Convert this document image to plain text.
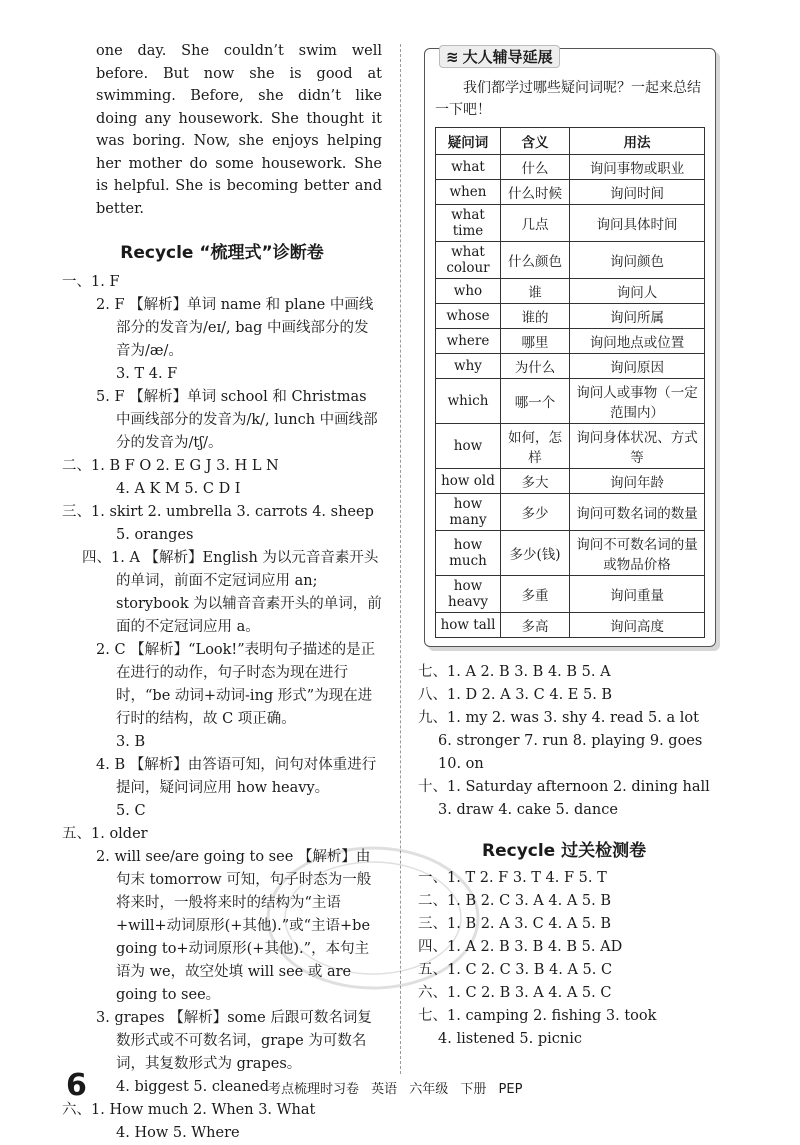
one day. She couldn’t swim well before. But now she is good at swimming. Before, she didn’t like doing any housework. She thought it was boring. Now, she enjoys helping her mother do some housework. She is helpful. She is becoming better and better.
Recycle “梳理式”诊断卷
一、1. F
2. F 【解析】单词 name 和 plane 中画线部分的发音为/eɪ/, bag 中画线部分的发音为/æ/。
3. T 4. F
5. F 【解析】单词 school 和 Christmas 中画线部分的发音为/k/, lunch 中画线部分的发音为/tʃ/。
二、1. B F O 2. E G J 3. H L N
4. A K M 5. C D I
三、1. skirt 2. umbrella 3. carrots 4. sheep
5. oranges
四、1. A 【解析】English 为以元音音素开头的单词，前面不定冠词应用 an; storybook 为以辅音音素开头的单词，前面的不定冠词应用 a。
2. C 【解析】“Look!”表明句子描述的是正在进行的动作，句子时态为现在进行时，“be 动词+动词-ing 形式”为现在进行时的结构，故 C 项正确。
3. B
4. B 【解析】由答语可知，问句对体重进行提问，疑问词应用 how heavy。
5. C
五、1. older
2. will see/are going to see 【解析】由句末 tomorrow 可知，句子时态为一般将来时，一般将来时的结构为“主语+will+动词原形(+其他).”或“主语+be going to+动词原形(+其他).”，本句主语为 we，故空处填 will see 或 are going to see。
3. grapes 【解析】some 后跟可数名词复数形式或不可数名词，grape 为可数名词，其复数形式为 grapes。
4. biggest 5. cleaned
六、1. How much 2. When 3. What
4. How 5. Where
≋ 大人辅导延展
我们都学过哪些疑问词呢？一起来总结一下吧！
疑问词	含义	用法
what	什么	询问事物或职业
when	什么时候	询问时间
what time	几点	询问具体时间
what colour	什么颜色	询问颜色
who	谁	询问人
whose	谁的	询问所属
where	哪里	询问地点或位置
why	为什么	询问原因
which	哪一个	询问人或事物（一定范围内）
how	如何，怎样	询问身体状况、方式等
how old	多大	询问年龄
how many	多少	询问可数名词的数量
how much	多少(钱)	询问不可数名词的量或物品价格
how heavy	多重	询问重量
how tall	多高	询问高度
七、1. A 2. B 3. B 4. B 5. A
八、1. D 2. A 3. C 4. E 5. B
九、1. my 2. was 3. shy 4. read 5. a lot
6. stronger 7. run 8. playing 9. goes
10. on
十、1. Saturday afternoon 2. dining hall
3. draw 4. cake 5. dance
Recycle 过关检测卷
一、1. T 2. F 3. T 4. F 5. T
二、1. B 2. C 3. A 4. A 5. B
三、1. B 2. A 3. C 4. A 5. B
四、1. A 2. B 3. B 4. B 5. AD
五、1. C 2. C 3. B 4. A 5. C
六、1. C 2. B 3. A 4. A 5. C
七、1. camping 2. fishing 3. took
4. listened 5. picnic
6	考点梳理时习卷 英语 六年级 下册 PEP
